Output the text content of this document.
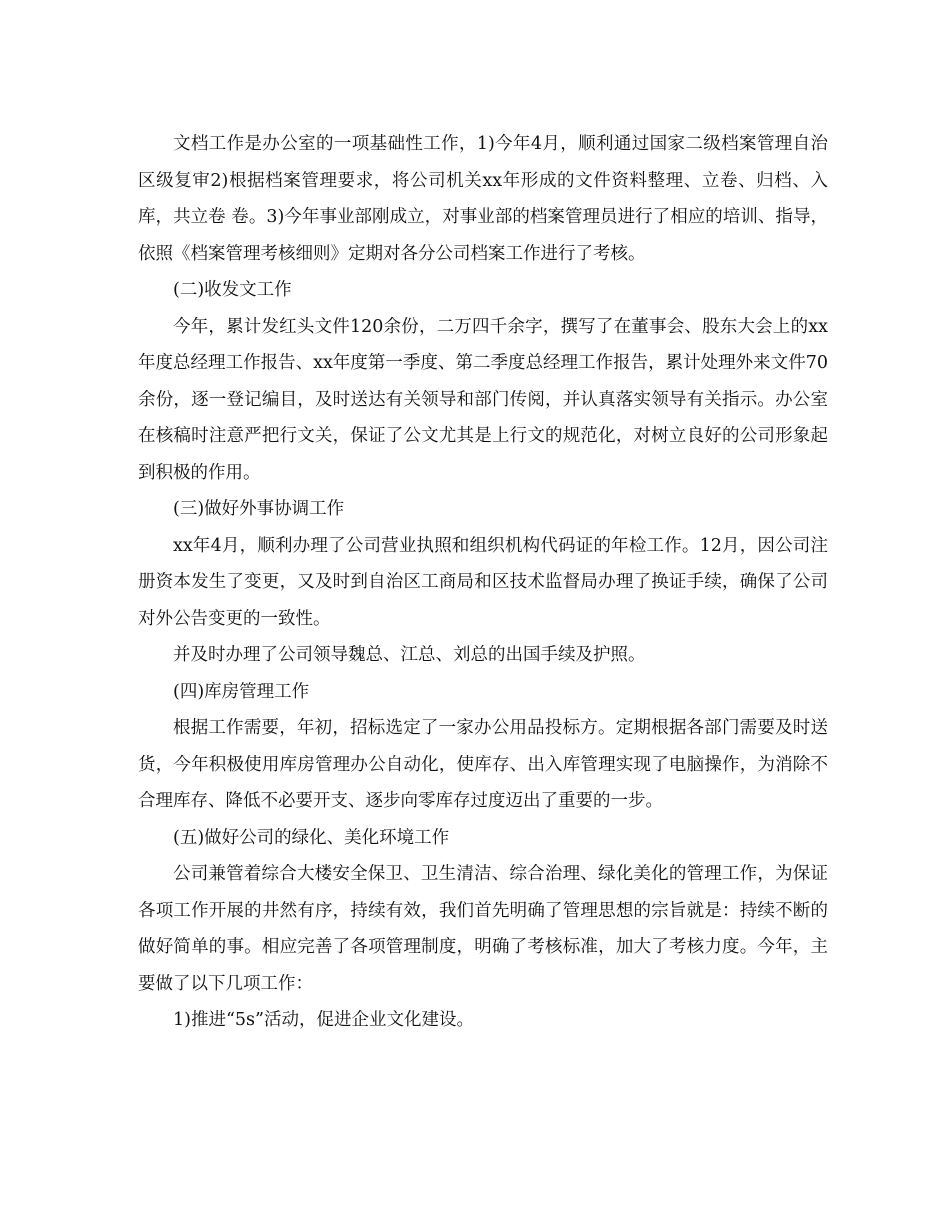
文档工作是办公室的一项基础性工作，1)今年4月，顺利通过国家二级档案管理自治区级复审2)根据档案管理要求，将公司机关xx年形成的文件资料整理、立卷、归档、入库，共立卷 卷。3)今年事业部刚成立，对事业部的档案管理员进行了相应的培训、指导，依照《档案管理考核细则》定期对各分公司档案工作进行了考核。

(二)收发文工作

今年，累计发红头文件120余份，二万四千余字，撰写了在董事会、股东大会上的xx年度总经理工作报告、xx年度第一季度、第二季度总经理工作报告，累计处理外来文件70余份，逐一登记编目，及时送达有关领导和部门传阅，并认真落实领导有关指示。办公室在核稿时注意严把行文关，保证了公文尤其是上行文的规范化，对树立良好的公司形象起到积极的作用。

(三)做好外事协调工作

xx年4月，顺利办理了公司营业执照和组织机构代码证的年检工作。12月，因公司注册资本发生了变更，又及时到自治区工商局和区技术监督局办理了换证手续，确保了公司对外公告变更的一致性。

并及时办理了公司领导魏总、江总、刘总的出国手续及护照。

(四)库房管理工作

根据工作需要，年初，招标选定了一家办公用品投标方。定期根据各部门需要及时送货，今年积极使用库房管理办公自动化，使库存、出入库管理实现了电脑操作，为消除不合理库存、降低不必要开支、逐步向零库存过度迈出了重要的一步。

(五)做好公司的绿化、美化环境工作

公司兼管着综合大楼安全保卫、卫生清洁、综合治理、绿化美化的管理工作，为保证各项工作开展的井然有序，持续有效，我们首先明确了管理思想的宗旨就是：持续不断的做好简单的事。相应完善了各项管理制度，明确了考核标准，加大了考核力度。今年，主要做了以下几项工作：

1)推进“5s”活动，促进企业文化建设。
